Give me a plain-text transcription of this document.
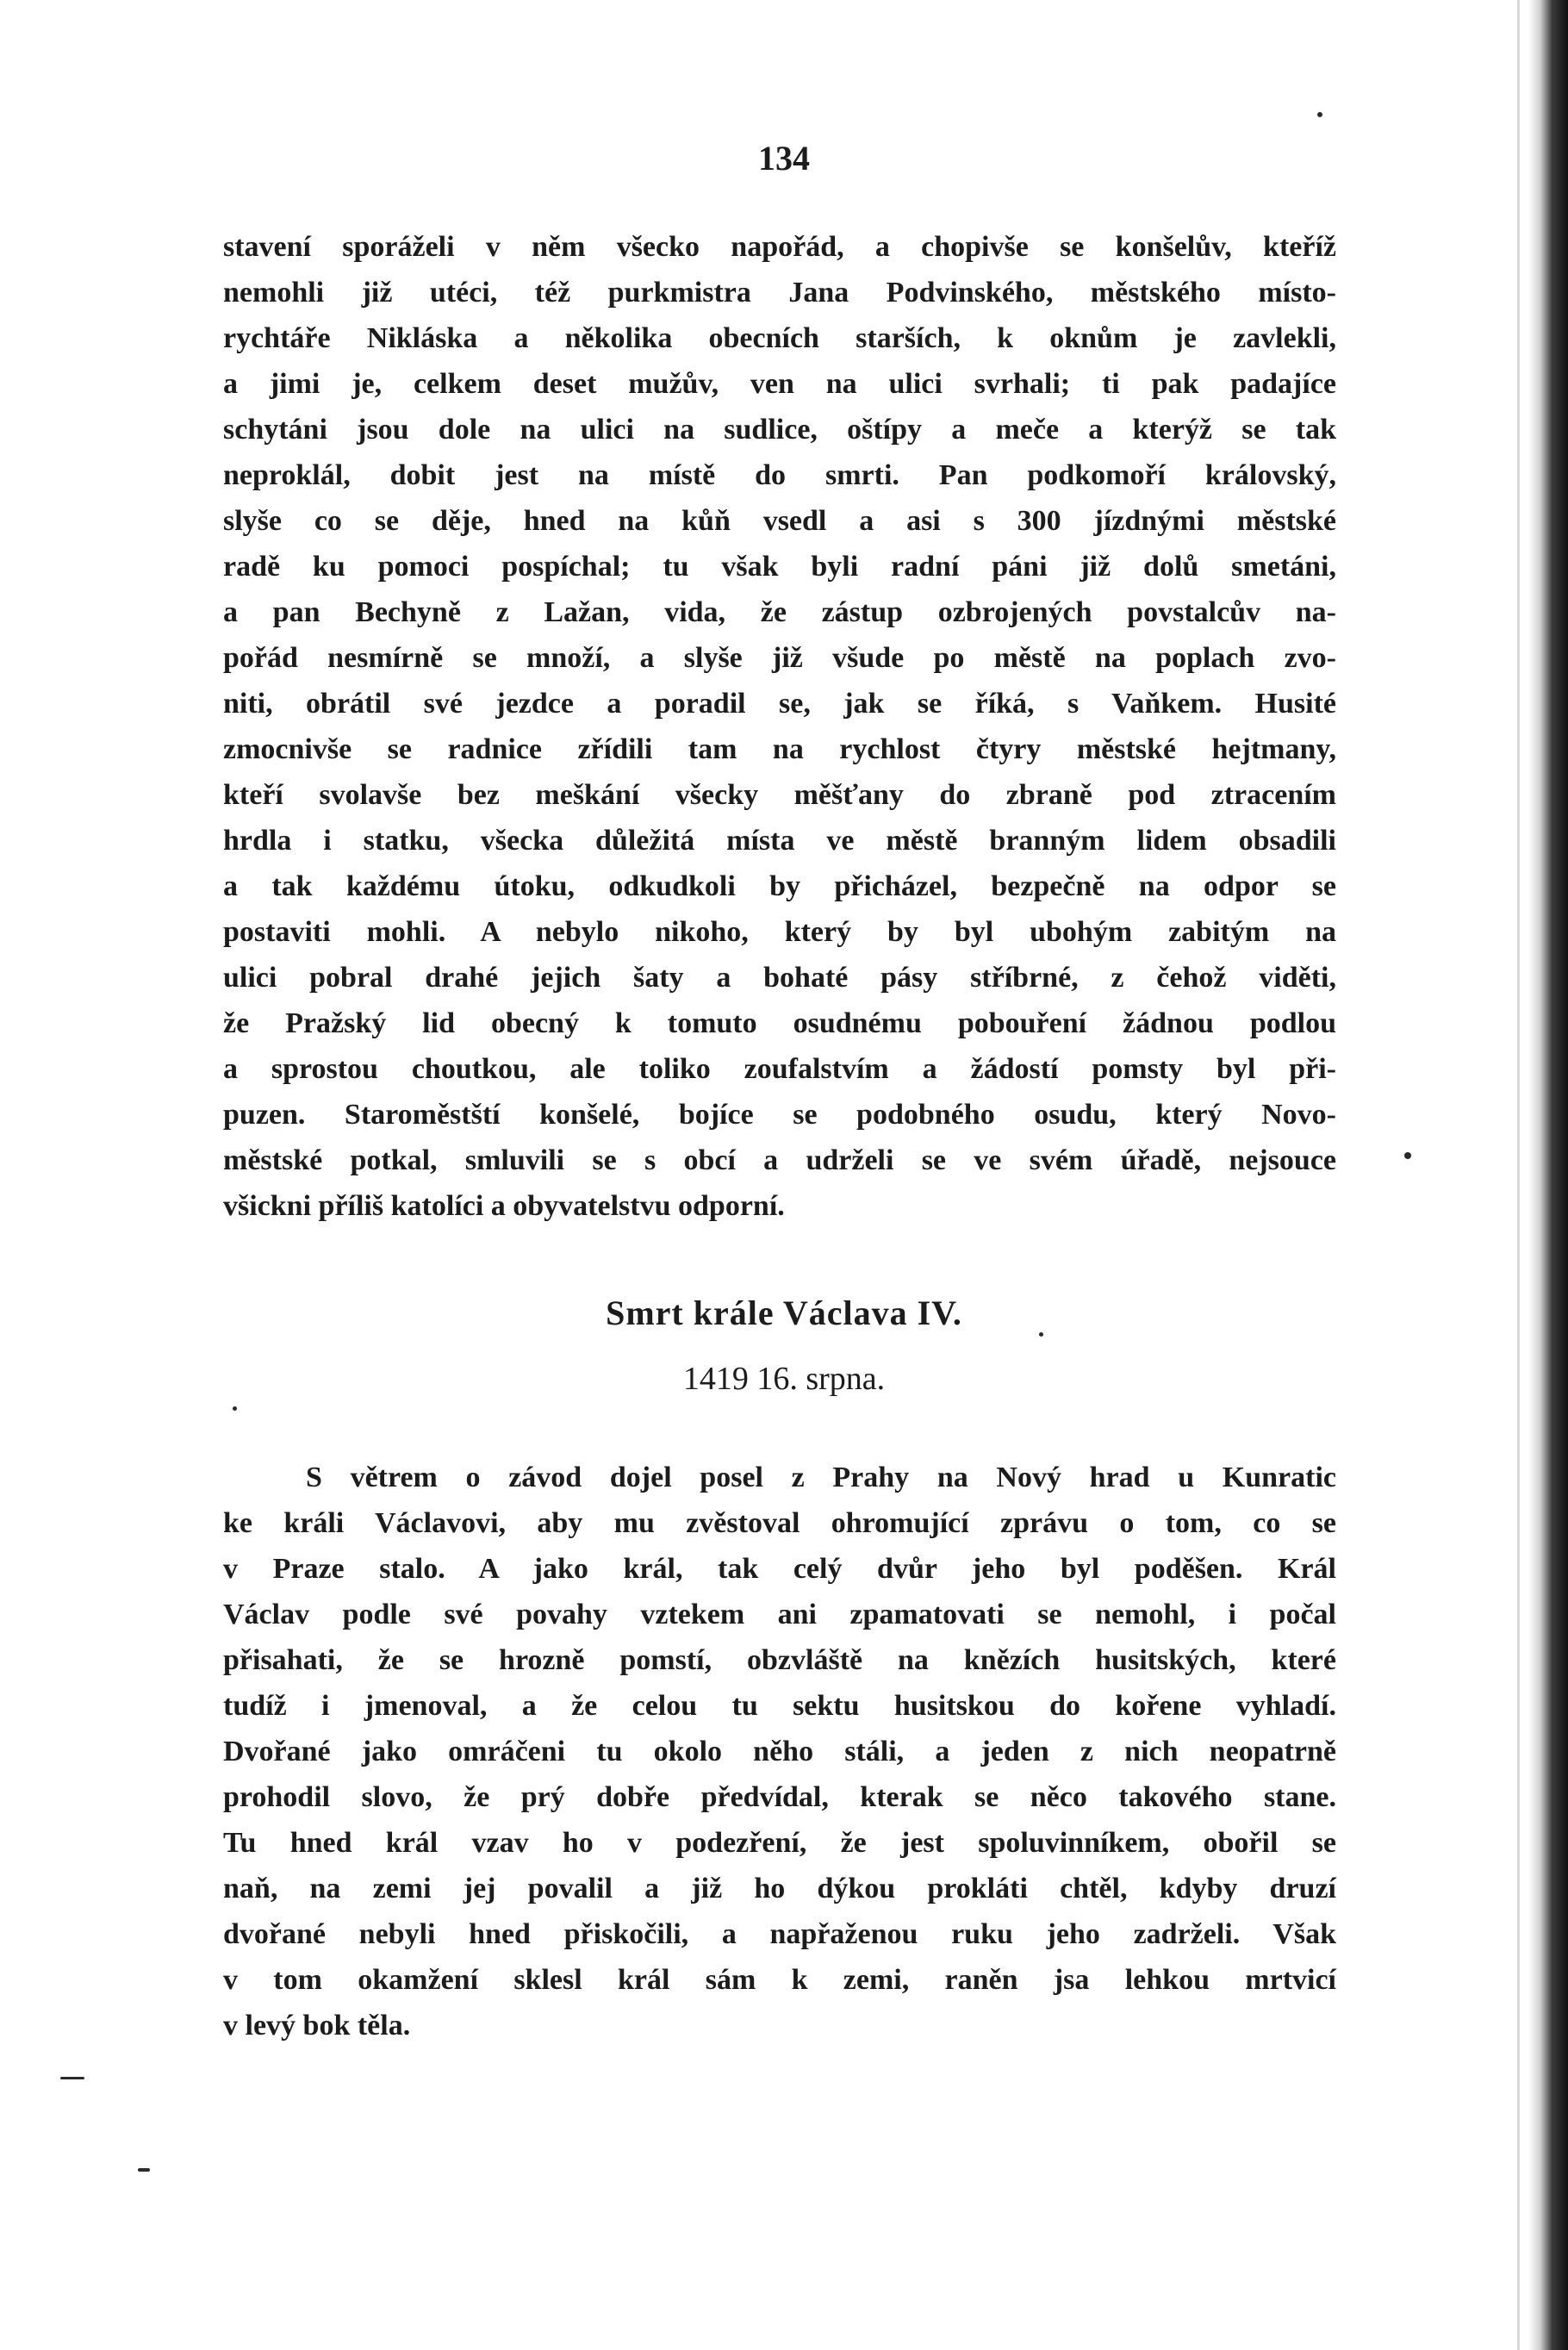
134
stavení sporáželi v něm všecko napořád, a chopivše se konšelův, kteříž
nemohli již utéci, též purkmistra Jana Podvinského, městského místo-
rychtáře Nikláska a několika obecních starších, k oknům je zavlekli,
a jimi je, celkem deset mužův, ven na ulici svrhali; ti pak padajíce
schytáni jsou dole na ulici na sudlice, oštípy a meče a kterýž se tak
neproklál, dobit jest na místě do smrti. Pan podkomoří královský,
slyše co se děje, hned na kůň vsedl a asi s 300 jízdnými městské
radě ku pomoci pospíchal; tu však byli radní páni již dolů smetáni,
a pan Bechyně z Lažan, vida, že zástup ozbrojených povstalcův na-
pořád nesmírně se množí, a slyše již všude po městě na poplach zvo-
niti, obrátil své jezdce a poradil se, jak se říká, s Vaňkem. Husité
zmocnivše se radnice zřídili tam na rychlost čtyry městské hejtmany,
kteří svolavše bez meškání všecky měšťany do zbraně pod ztracením
hrdla i statku, všecka důležitá místa ve městě branným lidem obsadili
a tak každému útoku, odkudkoli by přicházel, bezpečně na odpor se
postaviti mohli. A nebylo nikoho, který by byl ubohým zabitým na
ulici pobral drahé jejich šaty a bohaté pásy stříbrné, z čehož viděti,
že Pražský lid obecný k tomuto osudnému pobouření žádnou podlou
a sprostou choutkou, ale toliko zoufalstvím a žádostí pomsty byl při-
puzen. Staroměstští konšelé, bojíce se podobného osudu, který Novo-
městské potkal, smluvili se s obcí a udrželi se ve svém úřadě, nejsouce
všickni příliš katolíci a obyvatelstvu odporní.
Smrt krále Václava IV.
1419 16. srpna.
S větrem o závod dojel posel z Prahy na Nový hrad u Kunratic
ke králi Václavovi, aby mu zvěstoval ohromující zprávu o tom, co se
v Praze stalo. A jako král, tak celý dvůr jeho byl poděšen. Král
Václav podle své povahy vztekem ani zpamatovati se nemohl, i počal
přisahati, že se hrozně pomstí, obzvláště na knězích husitských, které
tudíž i jmenoval, a že celou tu sektu husitskou do kořene vyhladí.
Dvořané jako omráčeni tu okolo něho stáli, a jeden z nich neopatrně
prohodil slovo, že prý dobře předvídal, kterak se něco takového stane.
Tu hned král vzav ho v podezření, že jest spoluvinníkem, obořil se
naň, na zemi jej povalil a již ho dýkou prokláti chtěl, kdyby druzí
dvořané nebyli hned přiskočili, a napřaženou ruku jeho zadrželi. Však
v tom okamžení sklesl král sám k zemi, raněn jsa lehkou mrtvicí
v levý bok těla.
